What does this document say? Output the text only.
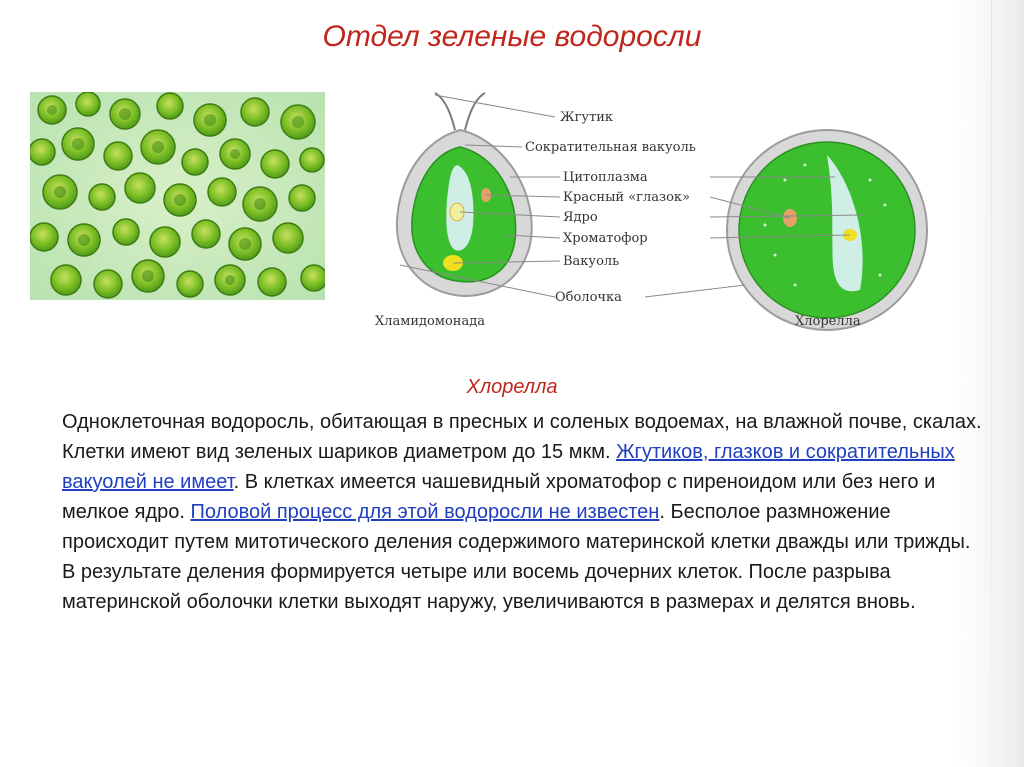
Отдел зеленые водоросли
Жгутик
Сократительная вакуоль
Цитоплазма
Красный «глазок»
Ядро
Хроматофор
Вакуоль
Оболочка
Хламидомонада	Хлорелла
Хлорелла
Одноклеточная водоросль, обитающая в пресных и соленых водоемах, на влажной почве, скалах. Клетки имеют вид зеленых шариков диаметром до 15 мкм. Жгутиков, глазков и сократительных вакуолей не имеет. В клетках имеется чашевидный хроматофор с пиреноидом или без него и мелкое ядро. Половой процесс для этой водоросли не известен. Бесполое размножение происходит путем митотического деления содержимого материнской клетки дважды или трижды. В результате деления формируется четыре или восемь дочерних клеток. После разрыва материнской оболочки клетки выходят наружу, увеличиваются в размерах и делятся вновь.
